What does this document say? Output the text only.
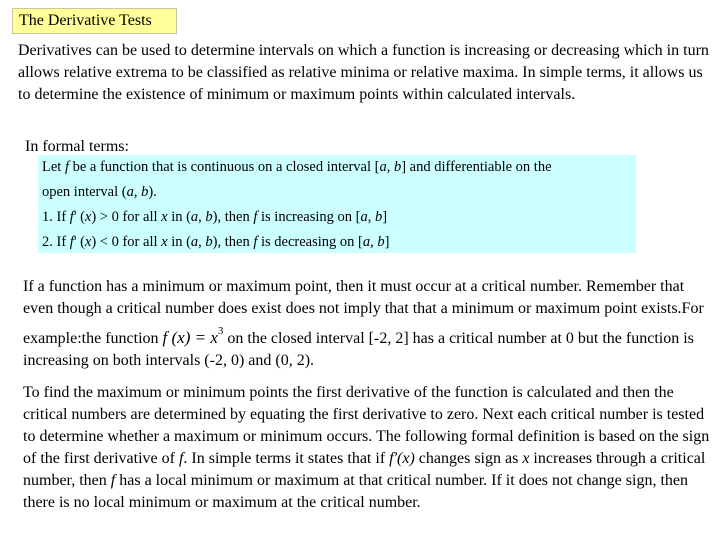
The Derivative Tests

Derivatives can be used to determine intervals on which a function is increasing or decreasing which in turn allows relative extrema to be classified as relative minima or relative maxima. In simple terms, it allows us to determine the existence of minimum or maximum points within calculated intervals.

In formal terms:

Let f be a function that is continuous on a closed interval [a, b] and differentiable on the
open interval (a, b).
1. If f' (x) > 0 for all x in (a, b), then f is increasing on [a, b]
2. If f' (x) < 0 for all x in (a, b), then f is decreasing on [a, b]

If a function has a minimum or maximum point, then it must occur at a critical number. Remember that even though a critical number does exist does not imply that that a minimum or maximum point exists.For example:the function f $(x) = x^3$ on the closed interval [-2, 2] has a critical number at 0 but the function is increasing on both intervals (-2, 0) and (0, 2).

To find the maximum or minimum points the first derivative of the function is calculated and then the critical numbers are determined by equating the first derivative to zero. Next each critical number is tested to determine whether a maximum or minimum occurs. The following formal definition is based on the sign of the first derivative of f. In simple terms it states that if f'(x) changes sign as x increases through a critical number, then f has a local minimum or maximum at that critical number. If it does not change sign, then there is no local minimum or maximum at the critical number.
